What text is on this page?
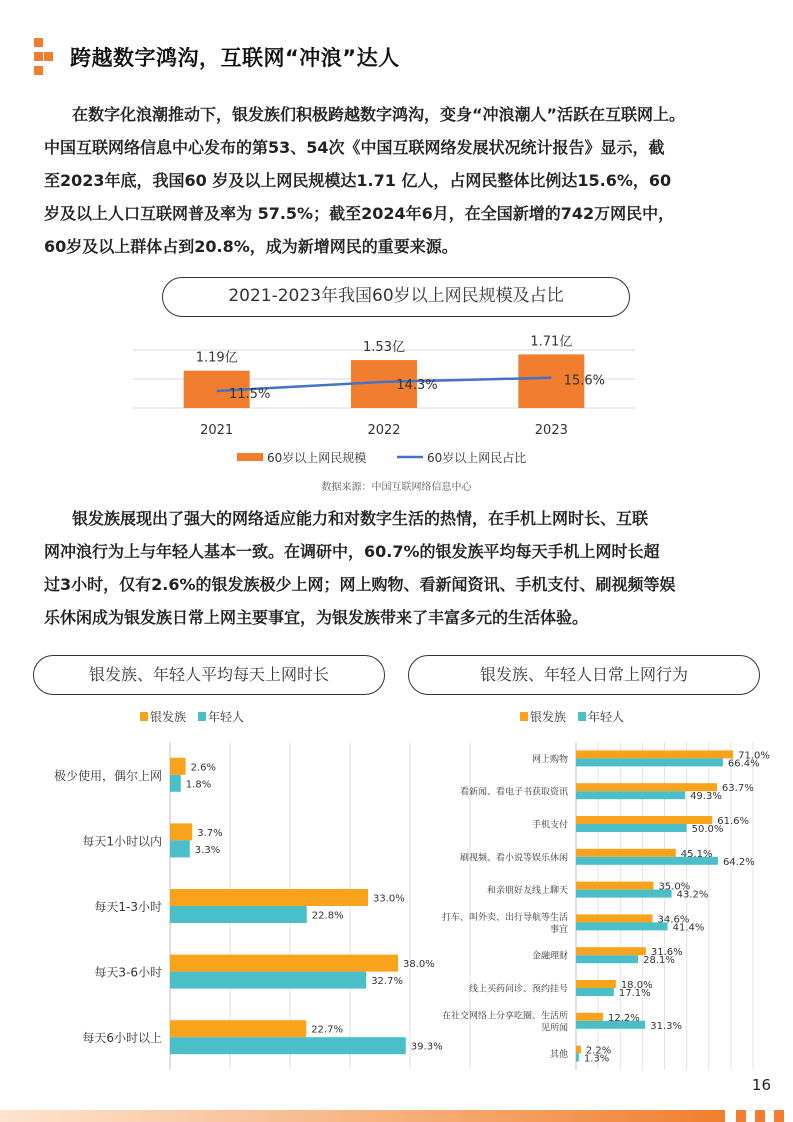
跨越数字鸿沟，互联网“冲浪”达人
在数字化浪潮推动下，银发族们积极跨越数字鸿沟，变身“冲浪潮人”活跃在互联网上。
中国互联网络信息中心发布的第53、54次《中国互联网络发展状况统计报告》显示，截
至2023年底，我国60 岁及以上网民规模达1.71 亿人，占网民整体比例达15.6%，60
岁及以上人口互联网普及率为 57.5%；截至2024年6月，在全国新增的742万网民中，
60岁及以上群体占到20.8%，成为新增网民的重要来源。
2021-2023年我国60岁以上网民规模及占比
1.19亿
2021
1.53亿
2022
1.71亿
2023
11.5%
14.3%	15.6%
60岁以上网民规模	60岁以上网民占比
数据来源：中国互联网络信息中心
银发族展现出了强大的网络适应能力和对数字生活的热情，在手机上网时长、互联
网冲浪行为上与年轻人基本一致。在调研中，60.7%的银发族平均每天手机上网时长超
过3小时，仅有2.6%的银发族极少上网；网上购物、看新闻资讯、手机支付、刷视频等娱
乐休闲成为银发族日常上网主要事宜，为银发族带来了丰富多元的生活体验。
银发族、年轻人平均每天上网时长
银发族 年轻人
2.6%
1.8%
极少使用，偶尔上网
3.7%
3.3%
每天1小时以内
33.0%
22.8%
每天1-3小时
38.0%
32.7%
每天3-6小时
22.7%
39.3%
每天6小时以上
银发族、年轻人日常上网行为
银发族 年轻人
71.0%
66.4%
网上购物
63.7%
49.3%
看新闻、看电子书获取资讯
61.6%
50.0%
手机支付
45.1%
64.2%
刷视频、看小说等娱乐休闲
35.0%
43.2%
和亲朋好友线上聊天
34.6%
41.4%
打车、叫外卖、出行导航等生活
事宜
31.6%
28.1%
金融理财
18.0%
17.1%
线上买药问诊、预约挂号
12.2%
31.3%
在社交网络上分享吃圈、生活所
见所闻
2.2%
1.3%
其他
16
